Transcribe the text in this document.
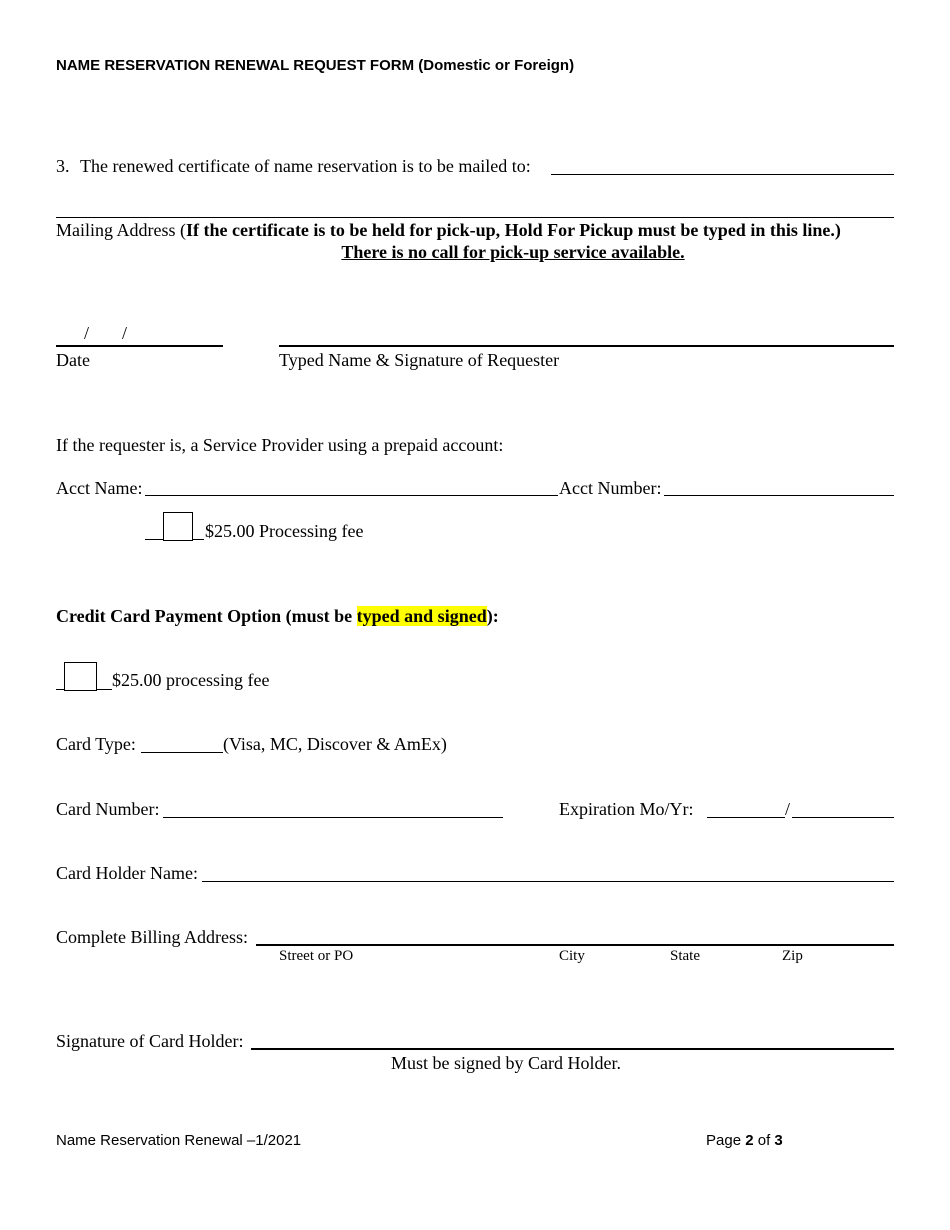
NAME RESERVATION RENEWAL REQUEST FORM (Domestic or Foreign)
3. The renewed certificate of name reservation is to be mailed to:
Mailing Address (If the certificate is to be held for pick-up, Hold For Pickup must be typed in this line.)
There is no call for pick-up service available.
/ /
Date	Typed Name & Signature of Requester
If the requester is, a Service Provider using a prepaid account:
Acct Name:	Acct Number:
$25.00 Processing fee
Credit Card Payment Option (must be typed and signed):
$25.00 processing fee
Card Type:	(Visa, MC, Discover & AmEx)
Card Number:	Expiration Mo/Yr:	/
Card Holder Name:
Complete Billing Address:
Street or PO	City	State	Zip
Signature of Card Holder:
Must be signed by Card Holder.
Name Reservation Renewal –1/2021	Page 2 of 3
